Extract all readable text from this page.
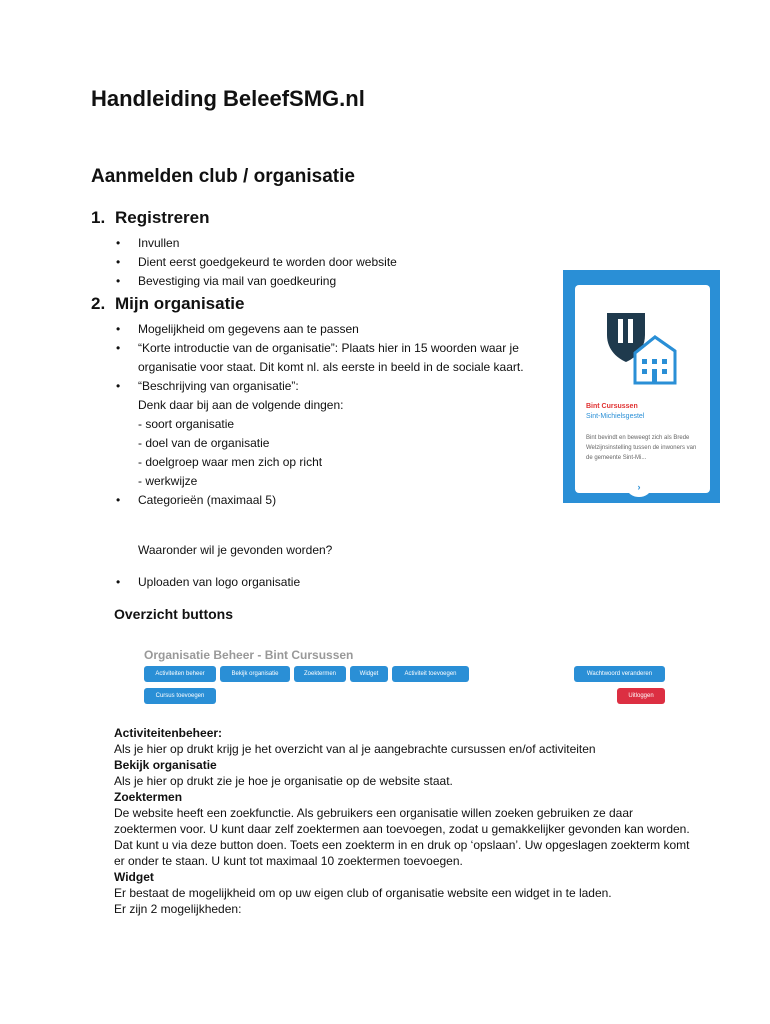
Handleiding BeleefSMG.nl
Aanmelden club / organisatie
1. Registreren
• Invullen
• Dient eerst goedgekeurd te worden door website
• Bevestiging via mail van goedkeuring
2. Mijn organisatie
• Mogelijkheid om gegevens aan te passen
• “Korte introductie van de organisatie”: Plaats hier in 15 woorden waar je organisatie voor staat. Dit komt nl. als eerste in beeld in de sociale kaart.
• “Beschrijving van organisatie”:
Denk daar bij aan de volgende dingen:
- soort organisatie
- doel van de organisatie
- doelgroep waar men zich op richt
- werkwijze
• Categorieën (maximaal 5)
Waaronder wil je gevonden worden?
• Uploaden van logo organisatie
Overzicht buttons
Bint Cursussen
Sint-Michielsgestel
Bint bevindt en beweegt zich als Brede Welzijnsinstelling tussen de inwoners van de gemeente Sint-Mi...
›
Organisatie Beheer - Bint Cursussen
Activiteiten beheer	Bekijk organisatie	Zoektermen	Widget	Activiteit toevoegen	Wachtwoord veranderen
Cursus toevoegen	Uitloggen
Activiteitenbeheer:
Als je hier op drukt krijg je het overzicht van al je aangebrachte cursussen en/of activiteiten
Bekijk organisatie
Als je hier op drukt zie je hoe je organisatie op de website staat.
Zoektermen
De website heeft een zoekfunctie. Als gebruikers een organisatie willen zoeken gebruiken ze daar zoektermen voor. U kunt daar zelf zoektermen aan toevoegen, zodat u gemakkelijker gevonden kan worden. Dat kunt u via deze button doen. Toets een zoekterm in en druk op ‘opslaan’. Uw opgeslagen zoekterm komt er onder te staan. U kunt tot maximaal 10 zoektermen toevoegen.
Widget
Er bestaat de mogelijkheid om op uw eigen club of organisatie website een widget in te laden.
Er zijn 2 mogelijkheden:
